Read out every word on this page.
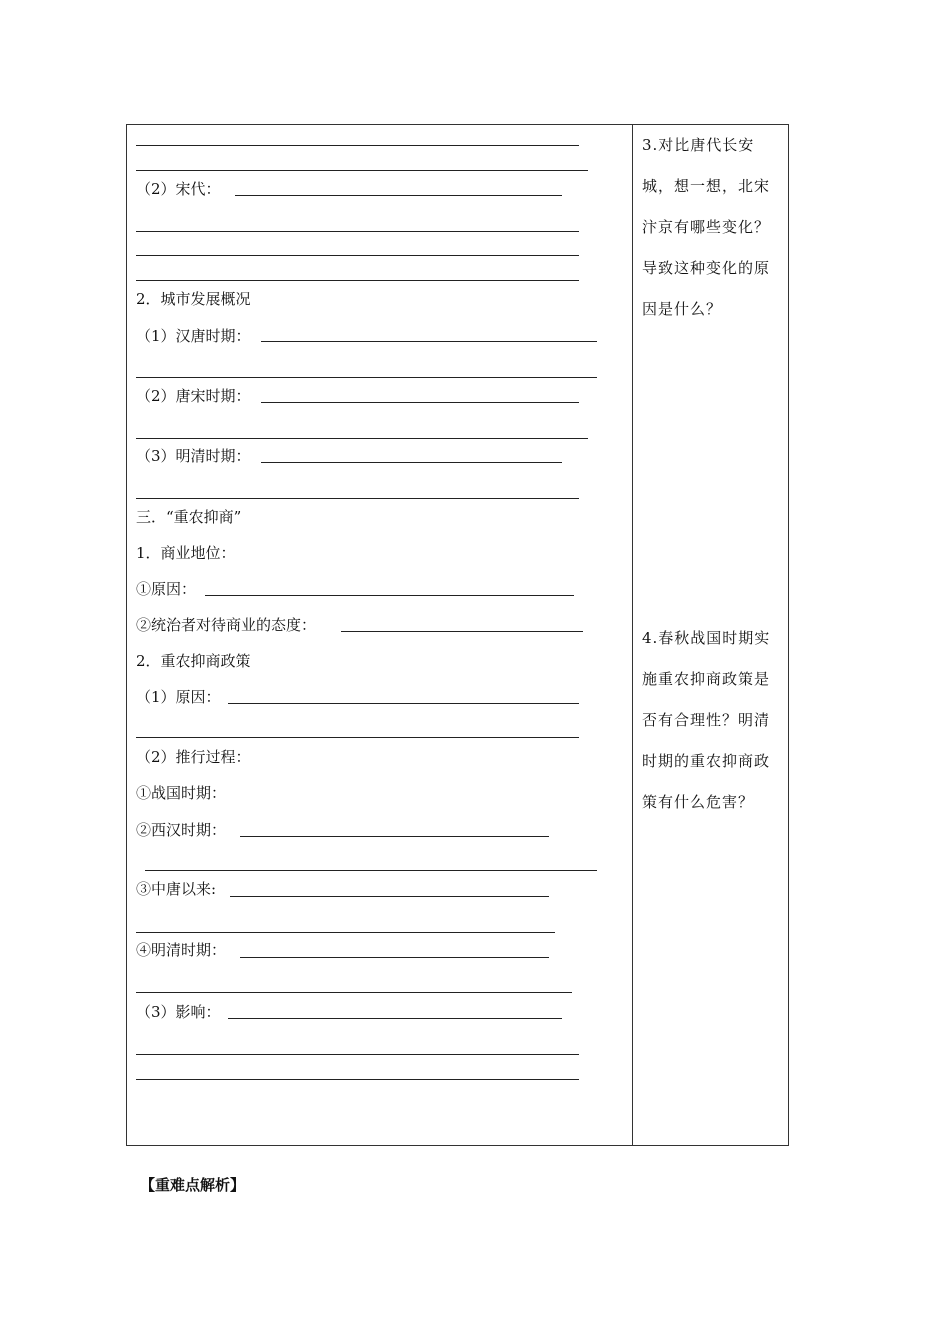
（2）宋代：
2．城市发展概况
（1）汉唐时期：
（2）唐宋时期：
（3）明清时期：
三．“重农抑商”
1．商业地位：
①原因：
②统治者对待商业的态度：
2．重农抑商政策
（1）原因：
（2）推行过程：
①战国时期：
②西汉时期：
③中唐以来:
④明清时期：
（3）影响：
3.对比唐代长安城，想一想，北宋汴京有哪些变化？导致这种变化的原因是什么？
4.春秋战国时期实施重农抑商政策是否有合理性？明清时期的重农抑商政策有什么危害？
【重难点解析】
